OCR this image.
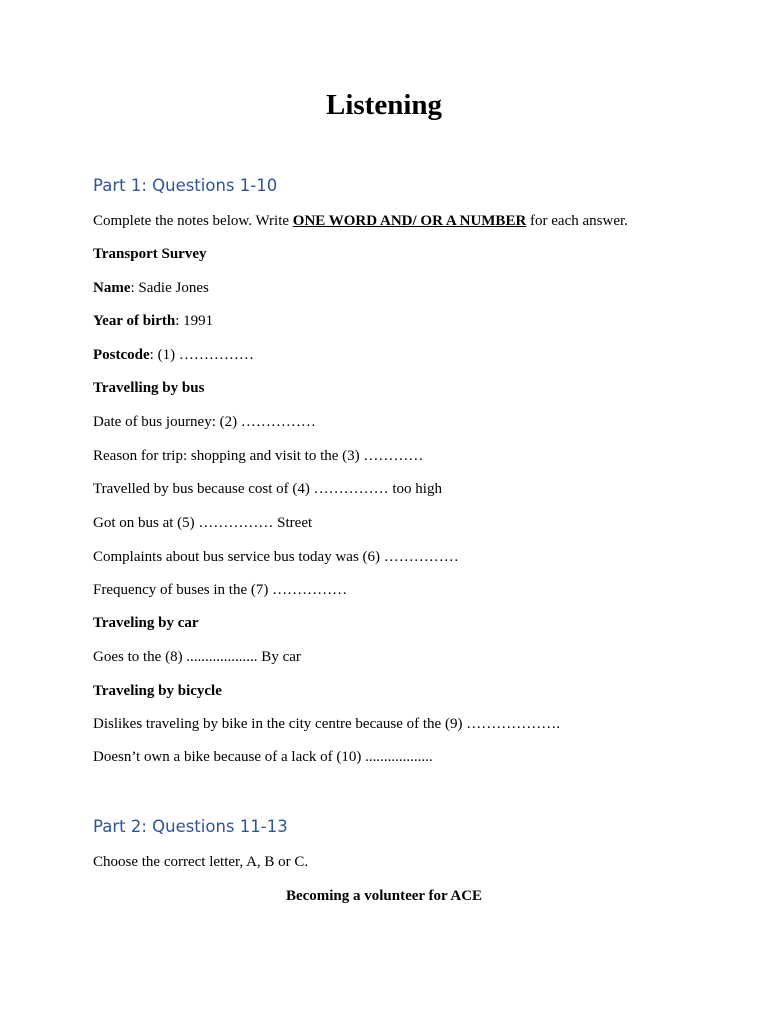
Listening
Part 1: Questions 1-10
Complete the notes below. Write ONE WORD AND/ OR A NUMBER for each answer.
Transport Survey
Name: Sadie Jones
Year of birth: 1991
Postcode: (1) ……………
Travelling by bus
Date of bus journey: (2) ……………
Reason for trip: shopping and visit to the (3) …………
Travelled by bus because cost of (4) …………… too high
Got on bus at (5) …………… Street
Complaints about bus service bus today was (6) ……………
Frequency of buses in the (7) ……………
Traveling by car
Goes to the (8) ................... By car
Traveling by bicycle
Dislikes traveling by bike in the city centre because of the (9) ……………….
Doesn’t own a bike because of a lack of (10) ..................
Part 2: Questions 11-13
Choose the correct letter, A, B or C.
Becoming a volunteer for ACE
